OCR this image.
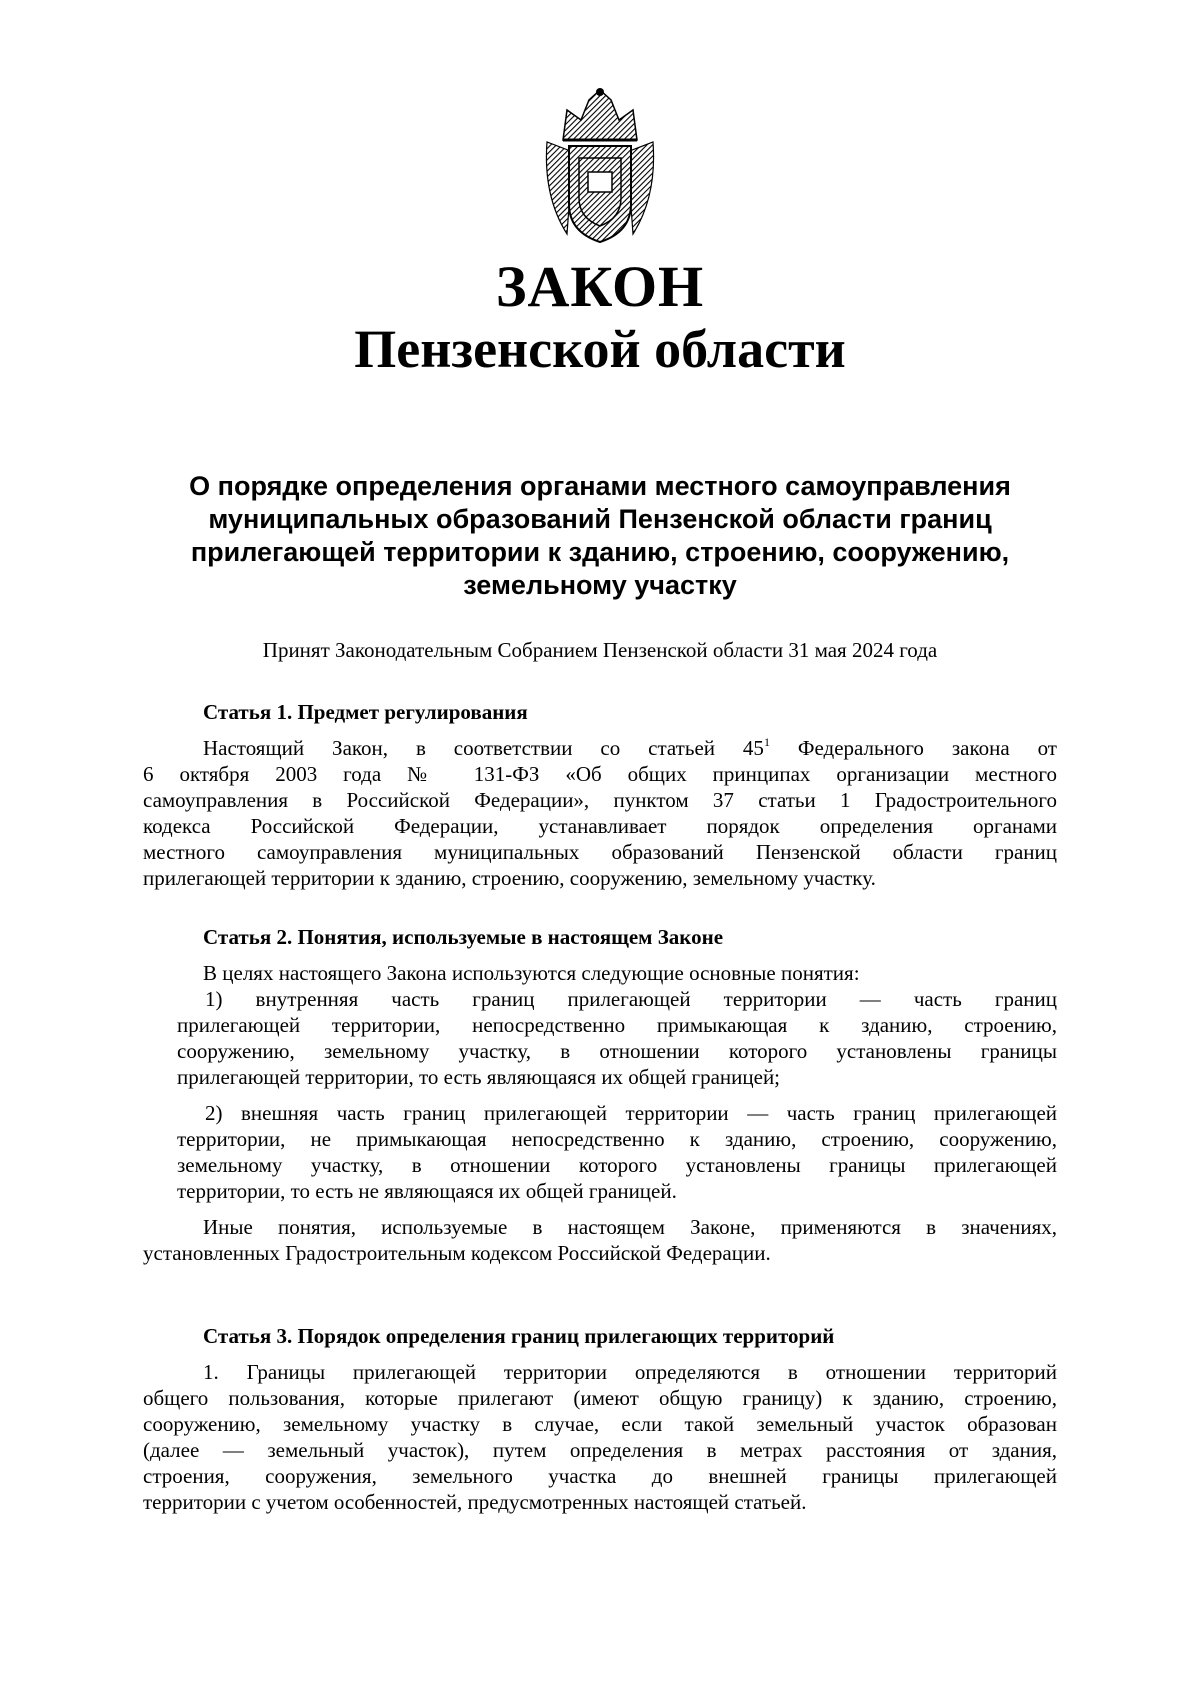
ЗАКОН
Пензенской области
О порядке определения органами местного самоуправления
муниципальных образований Пензенской области границ
прилегающей территории к зданию, строению, сооружению,
земельному участку
Принят Законодательным Собранием Пензенской области 31 мая 2024 года
Статья 1. Предмет регулирования
Настоящий Закон, в соответствии со статьей $45^1$ Федерального закона от
6 октября 2003 года № 131-ФЗ «Об общих принципах организации местного
самоуправления в Российской Федерации», пунктом 37 статьи 1 Градостроительного
кодекса Российской Федерации, устанавливает порядок определения органами
местного самоуправления муниципальных образований Пензенской области границ
прилегающей территории к зданию, строению, сооружению, земельному участку.
Статья 2. Понятия, используемые в настоящем Законе
В целях настоящего Закона используются следующие основные понятия:
1) внутренняя часть границ прилегающей территории — часть границ
прилегающей территории, непосредственно примыкающая к зданию, строению,
сооружению, земельному участку, в отношении которого установлены границы
прилегающей территории, то есть являющаяся их общей границей;
2) внешняя часть границ прилегающей территории — часть границ прилегающей
территории, не примыкающая непосредственно к зданию, строению, сооружению,
земельному участку, в отношении которого установлены границы прилегающей
территории, то есть не являющаяся их общей границей.
Иные понятия, используемые в настоящем Законе, применяются в значениях,
установленных Градостроительным кодексом Российской Федерации.
Статья 3. Порядок определения границ прилегающих территорий
1. Границы прилегающей территории определяются в отношении территорий
общего пользования, которые прилегают (имеют общую границу) к зданию, строению,
сооружению, земельному участку в случае, если такой земельный участок образован
(далее — земельный участок), путем определения в метрах расстояния от здания,
строения, сооружения, земельного участка до внешней границы прилегающей
территории с учетом особенностей, предусмотренных настоящей статьей.
